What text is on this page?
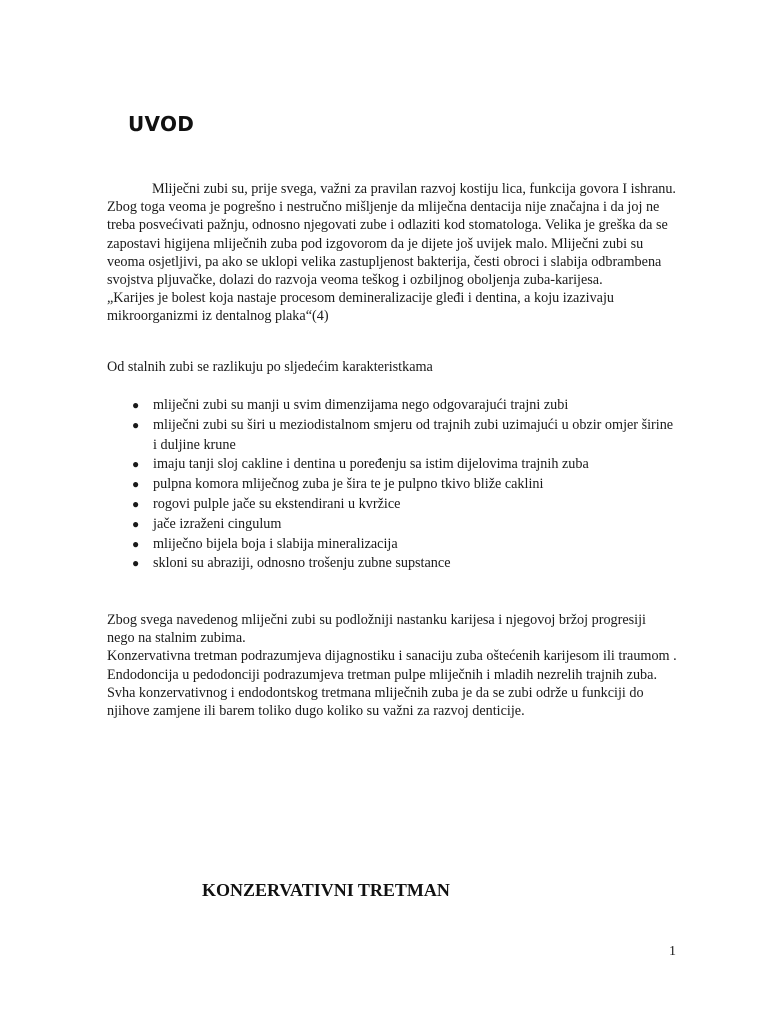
UVOD

Mliječni zubi su, prije svega, važni za pravilan razvoj kostiju lica, funkcija govora I ishranu. Zbog toga veoma je pogrešno i nestručno mišljenje da mliječna dentacija nije značajna i da joj ne treba posvećivati pažnju, odnosno njegovati zube i odlaziti kod stomatologa. Velika je greška da se zapostavi higijena mliječnih zuba pod izgovorom da je dijete još uvijek malo. Mliječni zubi su veoma osjetljivi, pa ako se uklopi velika zastupljenost bakterija, česti obroci i slabija odbrambena svojstva pljuvačke, dolazi do razvoja veoma teškog i ozbiljnog oboljenja zuba-karijesa.
„Karijes je bolest koja nastaje procesom demineralizacije gleđi i dentina, a koju izazivaju mikroorganizmi iz dentalnog plaka“(4)

Od stalnih zubi se razlikuju po sljedećim karakteristkama

● mliječni zubi su manji u svim dimenzijama nego odgovarajući trajni zubi
● mliječni zubi su širi u meziodistalnom smjeru od trajnih zubi uzimajući u obzir omjer širine i duljine krune
● imaju tanji sloj cakline i dentina u poređenju sa istim dijelovima trajnih zuba
● pulpna komora mliječnog zuba je šira te je pulpno tkivo bliže caklini
● rogovi pulple jače su ekstendirani u kvržice
● jače izraženi cingulum
● mliječno bijela boja i slabija mineralizacija
● skloni su abraziji, odnosno trošenju zubne supstance

Zbog svega navedenog mliječni zubi su podložniji nastanku karijesa i njegovoj bržoj progresiji nego na stalnim zubima.
Konzervativna tretman podrazumjeva dijagnostiku i sanaciju zuba oštećenih karijesom ili traumom .
Endodoncija u pedodonciji podrazumjeva tretman pulpe mliječnih i mladih nezrelih trajnih zuba.
Svha konzervativnog i endodontskog tretmana mliječnih zuba je da se zubi održe u funkciji do njihove zamjene ili barem toliko dugo koliko su važni za razvoj denticije.

KONZERVATIVNI TRETMAN
1
